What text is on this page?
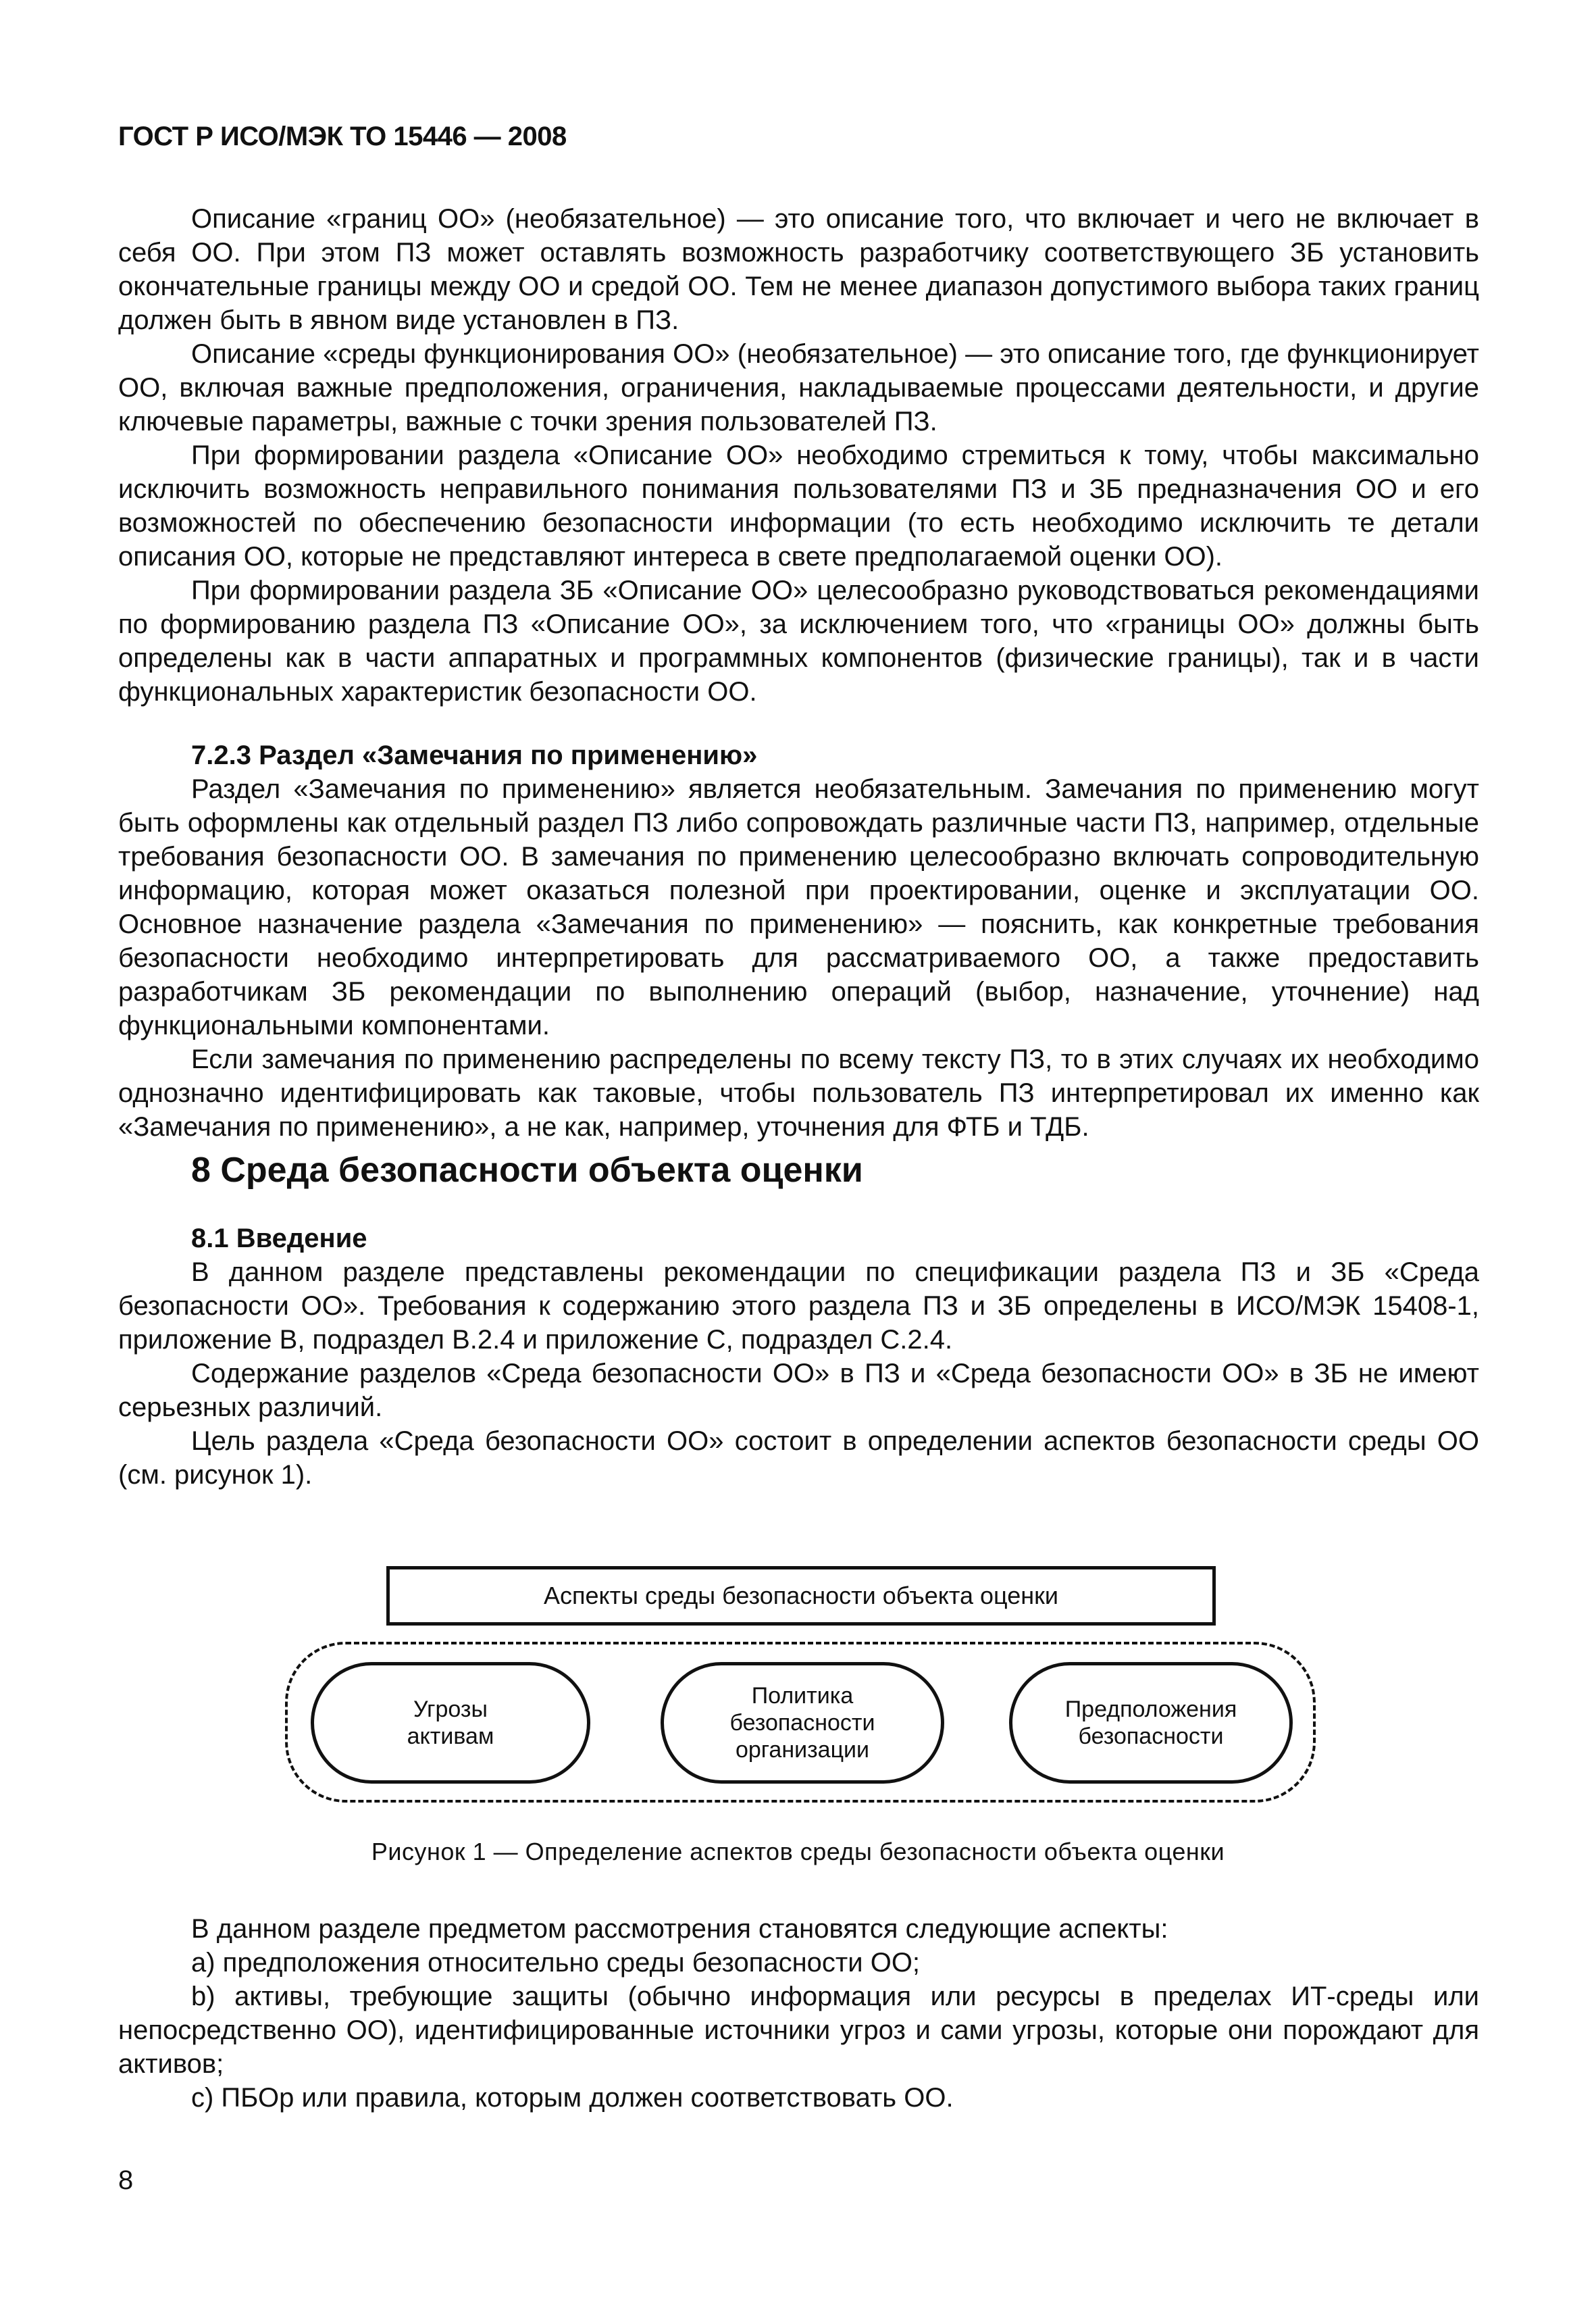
ГОСТ Р ИСО/МЭК ТО 15446 — 2008

Описание «границ ОО» (необязательное) — это описание того, что включает и чего не включает в себя ОО. При этом ПЗ может оставлять возможность разработчику соответствующего ЗБ установить окончательные границы между ОО и средой ОО. Тем не менее диапазон допустимого выбора таких границ должен быть в явном виде установлен в ПЗ.

Описание «среды функционирования ОО» (необязательное) — это описание того, где функционирует ОО, включая важные предположения, ограничения, накладываемые процессами деятельности, и другие ключевые параметры, важные с точки зрения пользователей ПЗ.

При формировании раздела «Описание ОО» необходимо стремиться к тому, чтобы максимально исключить возможность неправильного понимания пользователями ПЗ и ЗБ предназначения ОО и его возможностей по обеспечению безопасности информации (то есть необходимо исключить те детали описания ОО, которые не представляют интереса в свете предполагаемой оценки ОО).

При формировании раздела ЗБ «Описание ОО» целесообразно руководствоваться рекомендациями по формированию раздела ПЗ «Описание ОО», за исключением того, что «границы ОО» должны быть определены как в части аппаратных и программных компонентов (физические границы), так и в части функциональных характеристик безопасности ОО.

7.2.3 Раздел «Замечания по применению»

Раздел «Замечания по применению» является необязательным. Замечания по применению могут быть оформлены как отдельный раздел ПЗ либо сопровождать различные части ПЗ, например, отдельные требования безопасности ОО. В замечания по применению целесообразно включать сопроводительную информацию, которая может оказаться полезной при проектировании, оценке и эксплуатации ОО. Основное назначение раздела «Замечания по применению» — пояснить, как конкретные требования безопасности необходимо интерпретировать для рассматриваемого ОО, а также предоставить разработчикам ЗБ рекомендации по выполнению операций (выбор, назначение, уточнение) над функциональными компонентами.

Если замечания по применению распределены по всему тексту ПЗ, то в этих случаях их необходимо однозначно идентифицировать как таковые, чтобы пользователь ПЗ интерпретировал их именно как «Замечания по применению», а не как, например, уточнения для ФТБ и ТДБ.

8 Среда безопасности объекта оценки
8.1 Введение

В данном разделе представлены рекомендации по спецификации раздела ПЗ и ЗБ «Среда безопасности ОО». Требования к содержанию этого раздела ПЗ и ЗБ определены в ИСО/МЭК 15408-1, приложение B, подраздел B.2.4 и приложение C, подраздел C.2.4.

Содержание разделов «Среда безопасности ОО» в ПЗ и «Среда безопасности ОО» в ЗБ не имеют серьезных различий.

Цель раздела «Среда безопасности ОО» состоит в определении аспектов безопасности среды ОО (см. рисунок 1).

Аспекты среды безопасности объекта оценки
Угрозы
активам
Политика
безопасности
организации
Предположения
безопасности
Рисунок 1 — Определение аспектов среды безопасности объекта оценки

В данном разделе предметом рассмотрения становятся следующие аспекты:

a) предположения относительно среды безопасности ОО;

b) активы, требующие защиты (обычно информация или ресурсы в пределах ИТ-среды или непосредственно ОО), идентифицированные источники угроз и сами угрозы, которые они порождают для активов;

c) ПБОр или правила, которым должен соответствовать ОО.

8
